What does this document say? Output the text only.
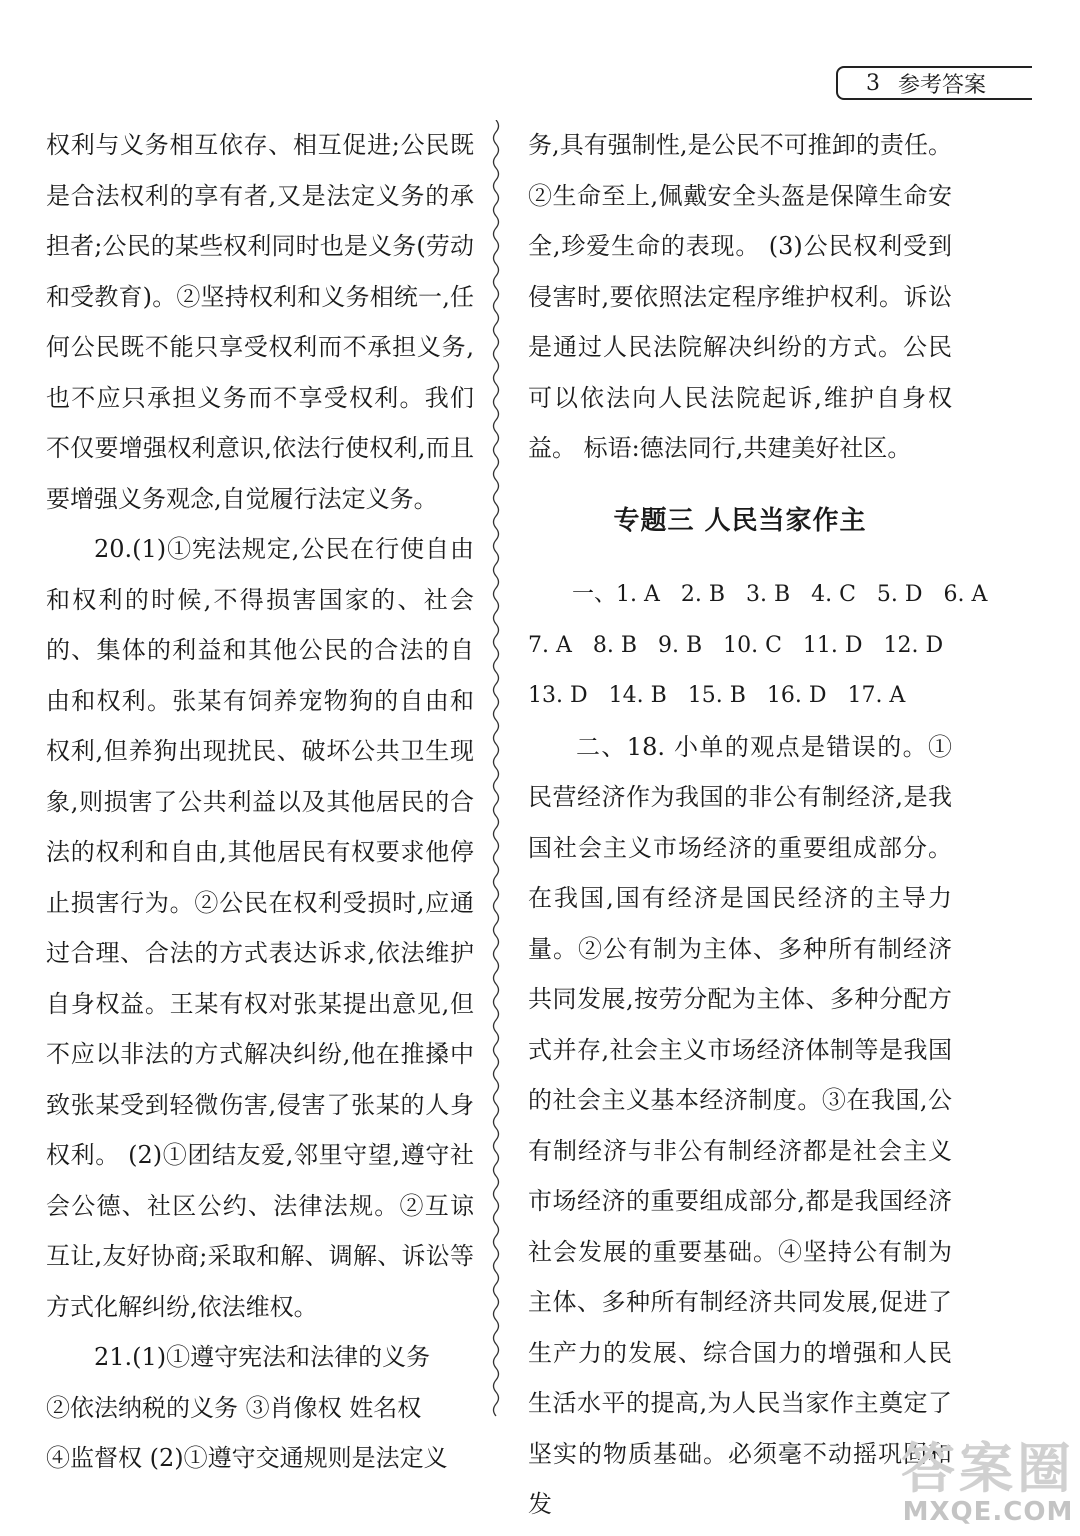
3 参考答案

权利与义务相互依存、相互促进;公民既是合法权利的享有者,又是法定义务的承担者;公民的某些权利同时也是义务(劳动和受教育)。②坚持权利和义务相统一,任何公民既不能只享受权利而不承担义务,也不应只承担义务而不享受权利。我们不仅要增强权利意识,依法行使权利,而且要增强义务观念,自觉履行法定义务。

20.(1)①宪法规定,公民在行使自由和权利的时候,不得损害国家的、社会的、集体的利益和其他公民的合法的自由和权利。张某有饲养宠物狗的自由和权利,但养狗出现扰民、破坏公共卫生现象,则损害了公共利益以及其他居民的合法的权利和自由,其他居民有权要求他停止损害行为。②公民在权利受损时,应通过合理、合法的方式表达诉求,依法维护自身权益。王某有权对张某提出意见,但不应以非法的方式解决纠纷,他在推搡中致张某受到轻微伤害,侵害了张某的人身权利。 (2)①团结友爱,邻里守望,遵守社会公德、社区公约、法律法规。②互谅互让,友好协商;采取和解、调解、诉讼等方式化解纠纷,依法维权。

21.(1)①遵守宪法和法律的义务

②依法纳税的义务 ③肖像权 姓名权

④监督权 (2)①遵守交通规则是法定义

务,具有强制性,是公民不可推卸的责任。②生命至上,佩戴安全头盔是保障生命安全,珍爱生命的表现。 (3)公民权利受到侵害时,要依照法定程序维护权利。诉讼是通过人民法院解决纠纷的方式。公民可以依法向人民法院起诉,维护自身权益。 标语:德法同行,共建美好社区。

专题三 人民当家作主

一、1. A   2. B   3. B   4. C   5. D   6. A

7. A   8. B   9. B   10. C   11. D   12. D

13. D   14. B   15. B   16. D   17. A

二、18. 小单的观点是错误的。①民营经济作为我国的非公有制经济,是我国社会主义市场经济的重要组成部分。在我国,国有经济是国民经济的主导力量。②公有制为主体、多种所有制经济共同发展,按劳分配为主体、多种分配方式并存,社会主义市场经济体制等是我国的社会主义基本经济制度。③在我国,公有制经济与非公有制经济都是社会主义市场经济的重要组成部分,都是我国经济社会发展的重要基础。④坚持公有制为主体、多种所有制经济共同发展,促进了生产力的发展、综合国力的增强和人民生活水平的提高,为人民当家作主奠定了坚实的物质基础。必须毫不动摇巩固和发

答案圈
MXQE.COM
